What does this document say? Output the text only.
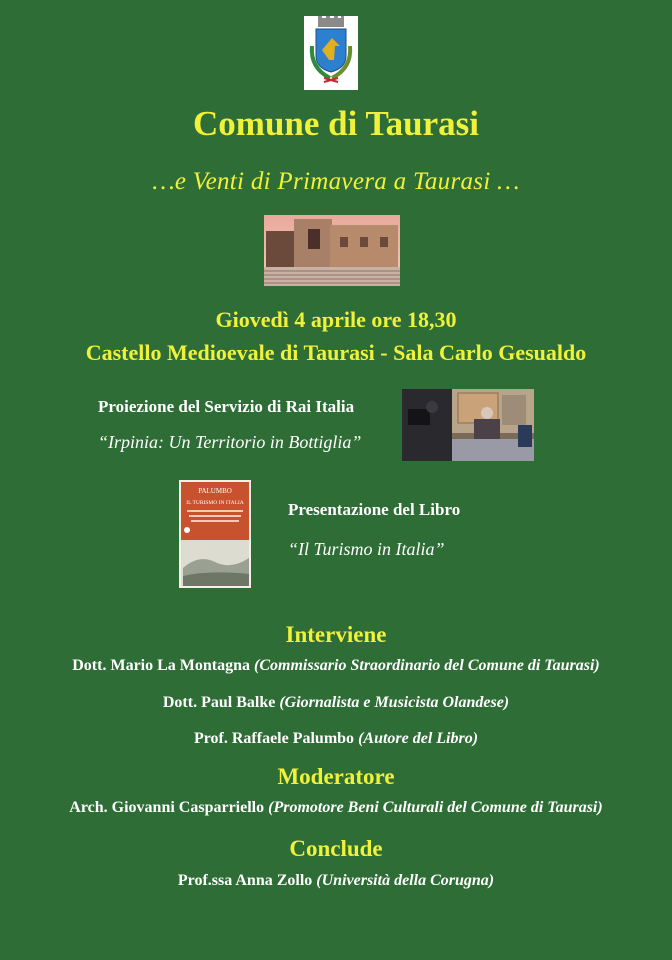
Comune di Taurasi
…e Venti di Primavera a Taurasi …
Giovedì 4 aprile ore 18,30
Castello Medioevale di Taurasi - Sala Carlo Gesualdo
Proiezione del Servizio di Rai Italia
“Irpinia: Un Territorio in Bottiglia”
PALUMBO
IL TURISMO IN ITALIA	Presentazione del Libro
“Il Turismo in Italia”
Interviene
Dott. Mario La Montagna (Commissario Straordinario del Comune di Taurasi)
Dott. Paul Balke (Giornalista e Musicista Olandese)
Prof. Raffaele Palumbo (Autore del Libro)
Moderatore
Arch. Giovanni Casparriello (Promotore Beni Culturali del Comune di Taurasi)
Conclude
Prof.ssa Anna Zollo (Università della Corugna)
